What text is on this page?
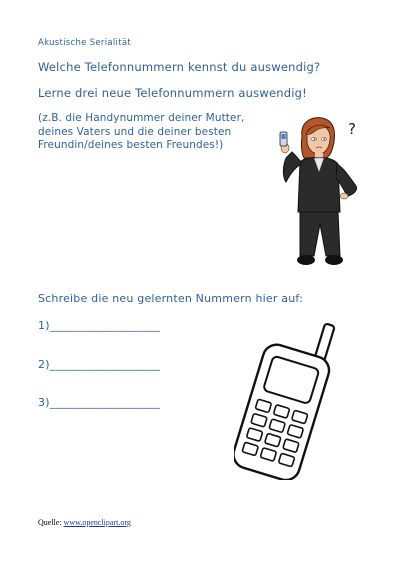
Akustische Serialität
Welche Telefonnummern kennst du auswendig?
Lerne drei neue Telefonnummern auswendig!
(z.B. die Handynummer deiner Mutter,
deines Vaters und die deiner besten
Freundin/deines besten Freundes!)
?
Schreibe die neu gelernten Nummern hier auf:
1)___________________
2)___________________
3)___________________
Quelle: www.openclipart.org
